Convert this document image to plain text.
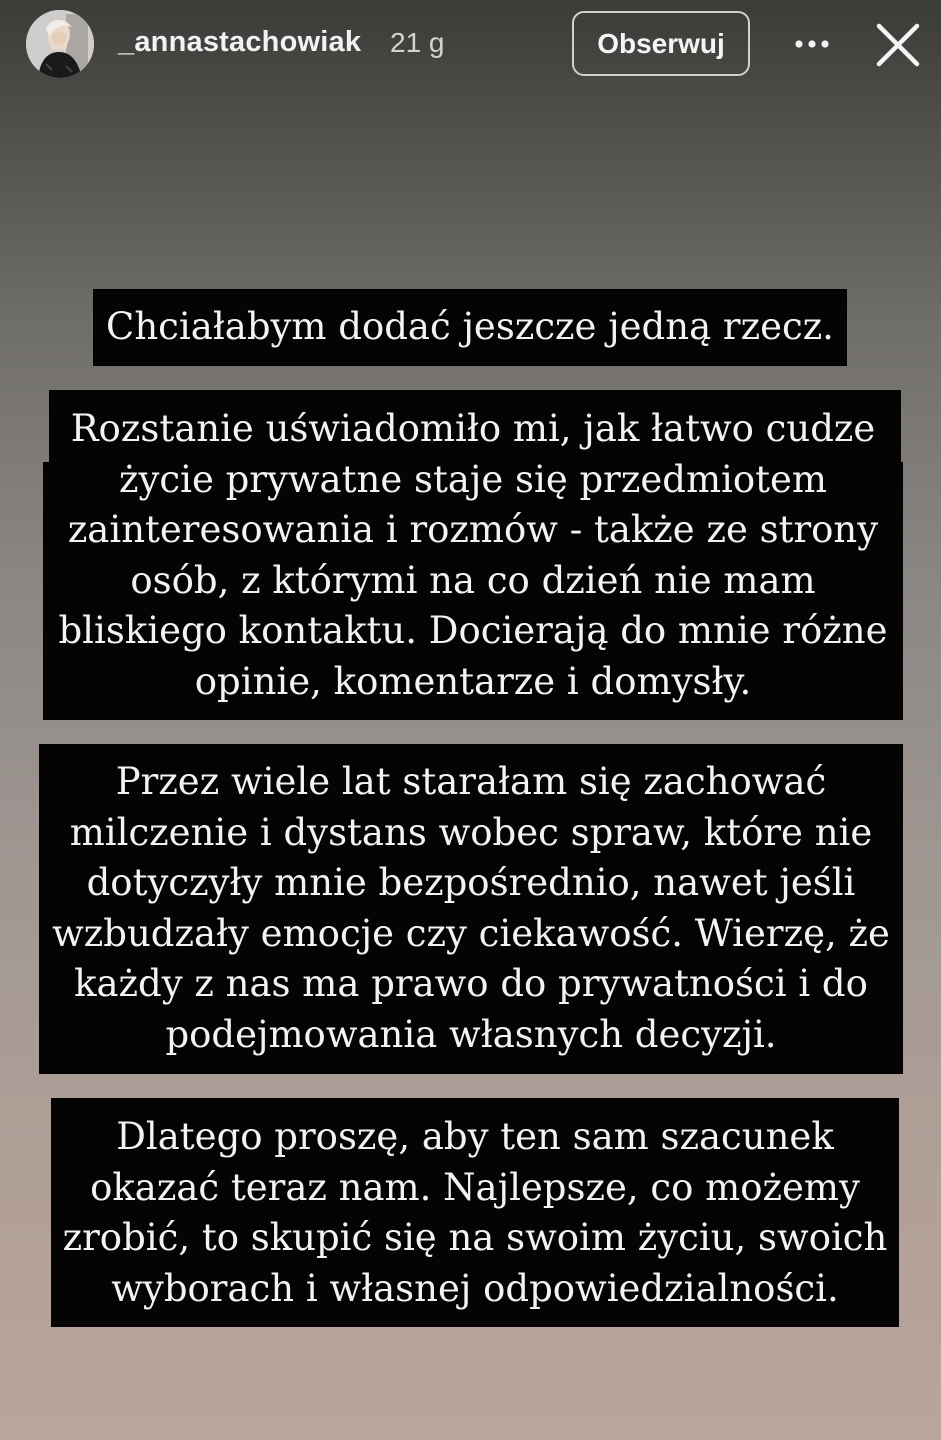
_annastachowiak 21 g	Obserwuj

Chciałabym dodać jeszcze jedną rzecz.

Rozstanie uświadomiło mi, jak łatwo cudze
życie prywatne staje się przedmiotem
zainteresowania i rozmów - także ze strony
osób, z którymi na co dzień nie mam
bliskiego kontaktu. Docierają do mnie różne
opinie, komentarze i domysły.

Przez wiele lat starałam się zachować
milczenie i dystans wobec spraw, które nie
dotyczyły mnie bezpośrednio, nawet jeśli
wzbudzały emocje czy ciekawość. Wierzę, że
każdy z nas ma prawo do prywatności i do
podejmowania własnych decyzji.

Dlatego proszę, aby ten sam szacunek
okazać teraz nam. Najlepsze, co możemy
zrobić, to skupić się na swoim życiu, swoich
wyborach i własnej odpowiedzialności.
